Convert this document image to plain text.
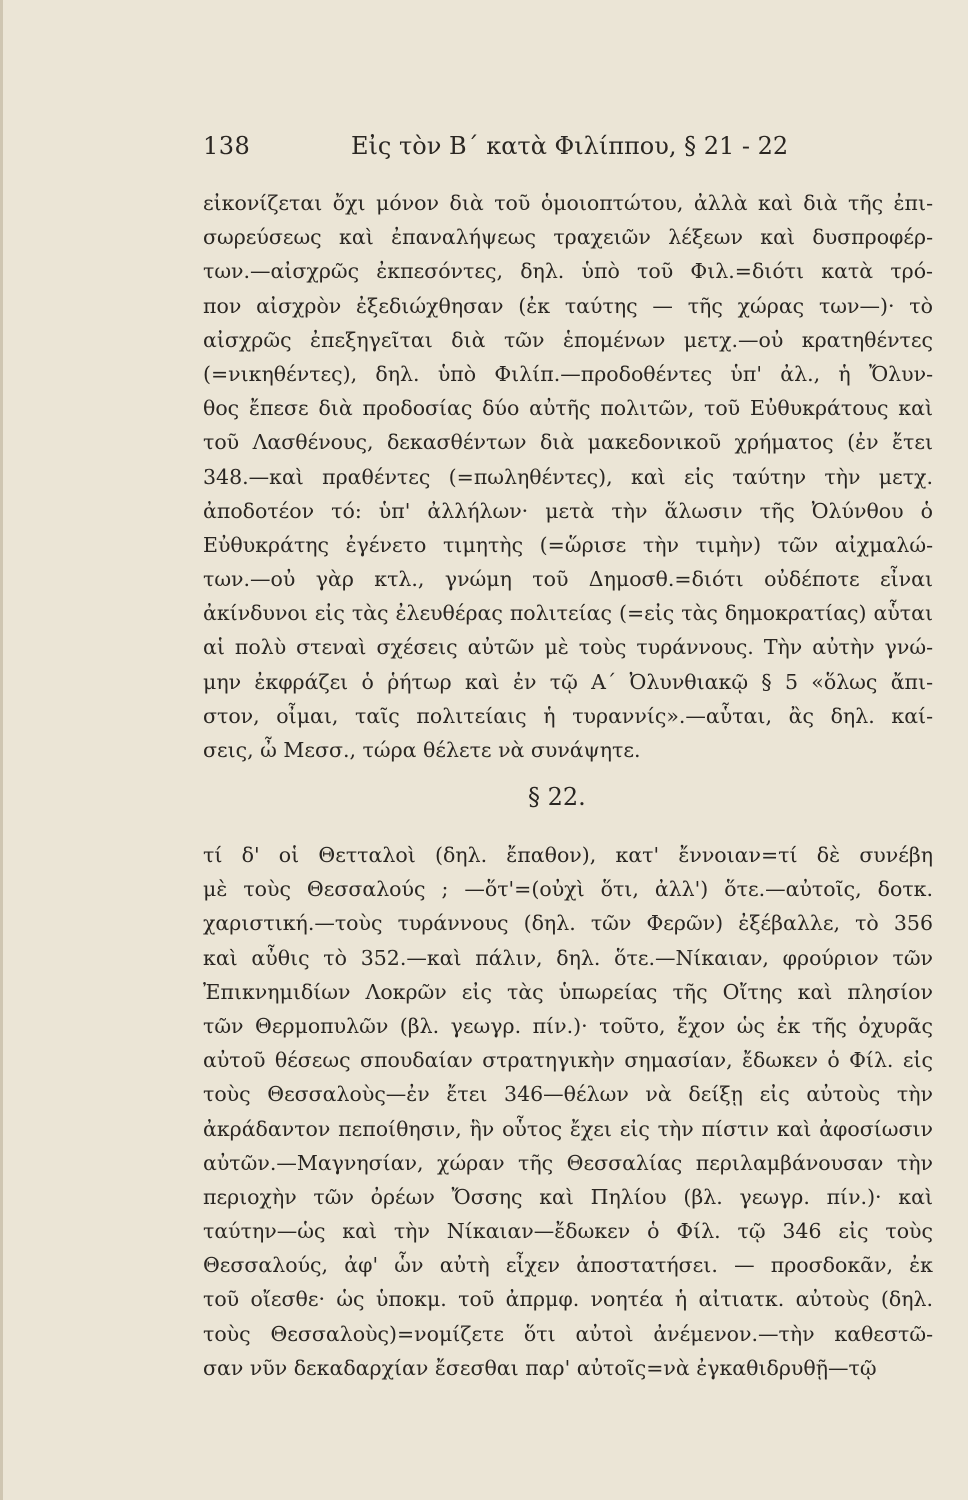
138	Εἰς τὸν Β΄ κατὰ Φιλίππου, § 21 - 22
εἰκονίζεται ὄχι μόνον διὰ τοῦ ὁμοιοπτώτου, ἀλλὰ καὶ διὰ τῆς ἐπι-
σωρεύσεως καὶ ἐπαναλήψεως τραχειῶν λέξεων καὶ δυσπροφέρ-
των.—αἰσχρῶς ἐκπεσόντες, δηλ. ὑπὸ τοῦ Φιλ.=διότι κατὰ τρό-
πον αἰσχρὸν ἐξεδιώχθησαν (ἐκ ταύτης — τῆς χώρας των—)· τὸ
αἰσχρῶς ἐπεξηγεῖται διὰ τῶν ἑπομένων μετχ.—οὐ κρατηθέντες
(=νικηθέντες), δηλ. ὑπὸ Φιλίπ.—προδοθέντες ὑπ' ἀλ., ἡ Ὄλυν-
θος ἔπεσε διὰ προδοσίας δύο αὐτῆς πολιτῶν, τοῦ Εὐθυκράτους καὶ
τοῦ Λασθένους, δεκασθέντων διὰ μακεδονικοῦ χρήματος (ἐν ἔτει
348.—καὶ πραθέντες (=πωληθέντες), καὶ εἰς ταύτην τὴν μετχ.
ἀποδοτέον τό: ὑπ' ἀλλήλων· μετὰ τὴν ἅλωσιν τῆς Ὀλύνθου ὁ
Εὐθυκράτης ἐγένετο τιμητὴς (=ὥρισε τὴν τιμὴν) τῶν αἰχμαλώ-
των.—οὐ γὰρ κτλ., γνώμη τοῦ Δημοσθ.=διότι οὐδέποτε εἶναι
ἀκίνδυνοι εἰς τὰς ἐλευθέρας πολιτείας (=εἰς τὰς δημοκρατίας) αὗται
αἱ πολὺ στεναὶ σχέσεις αὐτῶν μὲ τοὺς τυράννους. Τὴν αὐτὴν γνώ-
μην ἐκφράζει ὁ ῥήτωρ καὶ ἐν τῷ Α΄ Ὀλυνθιακῷ § 5 «ὅλως ἄπι-
στον, οἶμαι, ταῖς πολιτείαις ἡ τυραννίς».—αὗται, ἂς δηλ. καί-
σεις, ὦ Μεσσ., τώρα θέλετε νὰ συνάψητε.
§ 22.
τί δ' οἱ Θετταλοὶ (δηλ. ἔπαθον), κατ' ἔννοιαν=τί δὲ συνέβη
μὲ τοὺς Θεσσαλούς ; —ὅτ'=(οὐχὶ ὅτι, ἀλλ') ὅτε.—αὐτοῖς, δοτκ.
χαριστική.—τοὺς τυράννους (δηλ. τῶν Φερῶν) ἐξέβαλλε, τὸ 356
καὶ αὖθις τὸ 352.—καὶ πάλιν, δηλ. ὅτε.—Νίκαιαν, φρούριον τῶν
Ἐπικνημιδίων Λοκρῶν εἰς τὰς ὑπωρείας τῆς Οἴτης καὶ πλησίον
τῶν Θερμοπυλῶν (βλ. γεωγρ. πίν.)· τοῦτο, ἔχον ὡς ἐκ τῆς ὀχυρᾶς
αὐτοῦ θέσεως σπουδαίαν στρατηγικὴν σημασίαν, ἔδωκεν ὁ Φίλ. εἰς
τοὺς Θεσσαλοὺς—ἐν ἔτει 346—θέλων νὰ δείξῃ εἰς αὐτοὺς τὴν
ἀκράδαντον πεποίθησιν, ἣν οὗτος ἔχει εἰς τὴν πίστιν καὶ ἀφοσίωσιν
αὐτῶν.—Μαγνησίαν, χώραν τῆς Θεσσαλίας περιλαμβάνουσαν τὴν
περιοχὴν τῶν ὀρέων Ὄσσης καὶ Πηλίου (βλ. γεωγρ. πίν.)· καὶ
ταύτην—ὡς καὶ τὴν Νίκαιαν—ἔδωκεν ὁ Φίλ. τῷ 346 εἰς τοὺς
Θεσσαλούς, ἀφ' ὧν αὐτὴ εἶχεν ἀποστατήσει. — προσδοκᾶν, ἐκ
τοῦ οἴεσθε· ὡς ὑποκμ. τοῦ ἀπρμφ. νοητέα ἡ αἰτιατκ. αὐτοὺς (δηλ.
τοὺς Θεσσαλοὺς)=νομίζετε ὅτι αὐτοὶ ἀνέμενον.—τὴν καθεστῶ-
σαν νῦν δεκαδαρχίαν ἔσεσθαι παρ' αὐτοῖς=νὰ ἐγκαθιδρυθῇ—τῷ
